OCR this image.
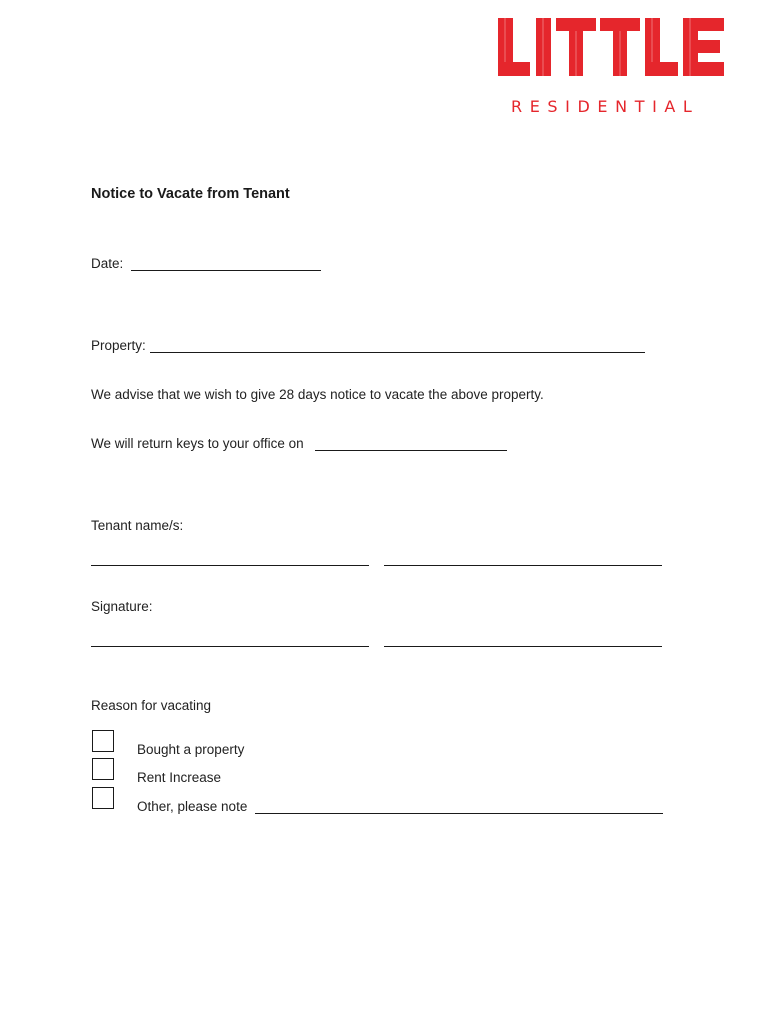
RESIDENTIAL
Notice to Vacate from Tenant
Date:
Property:
We advise that we wish to give 28 days notice to vacate the above property.
We will return keys to your office on
Tenant name/s:
Signature:
Reason for vacating
Bought a property
Rent Increase
Other, please note
